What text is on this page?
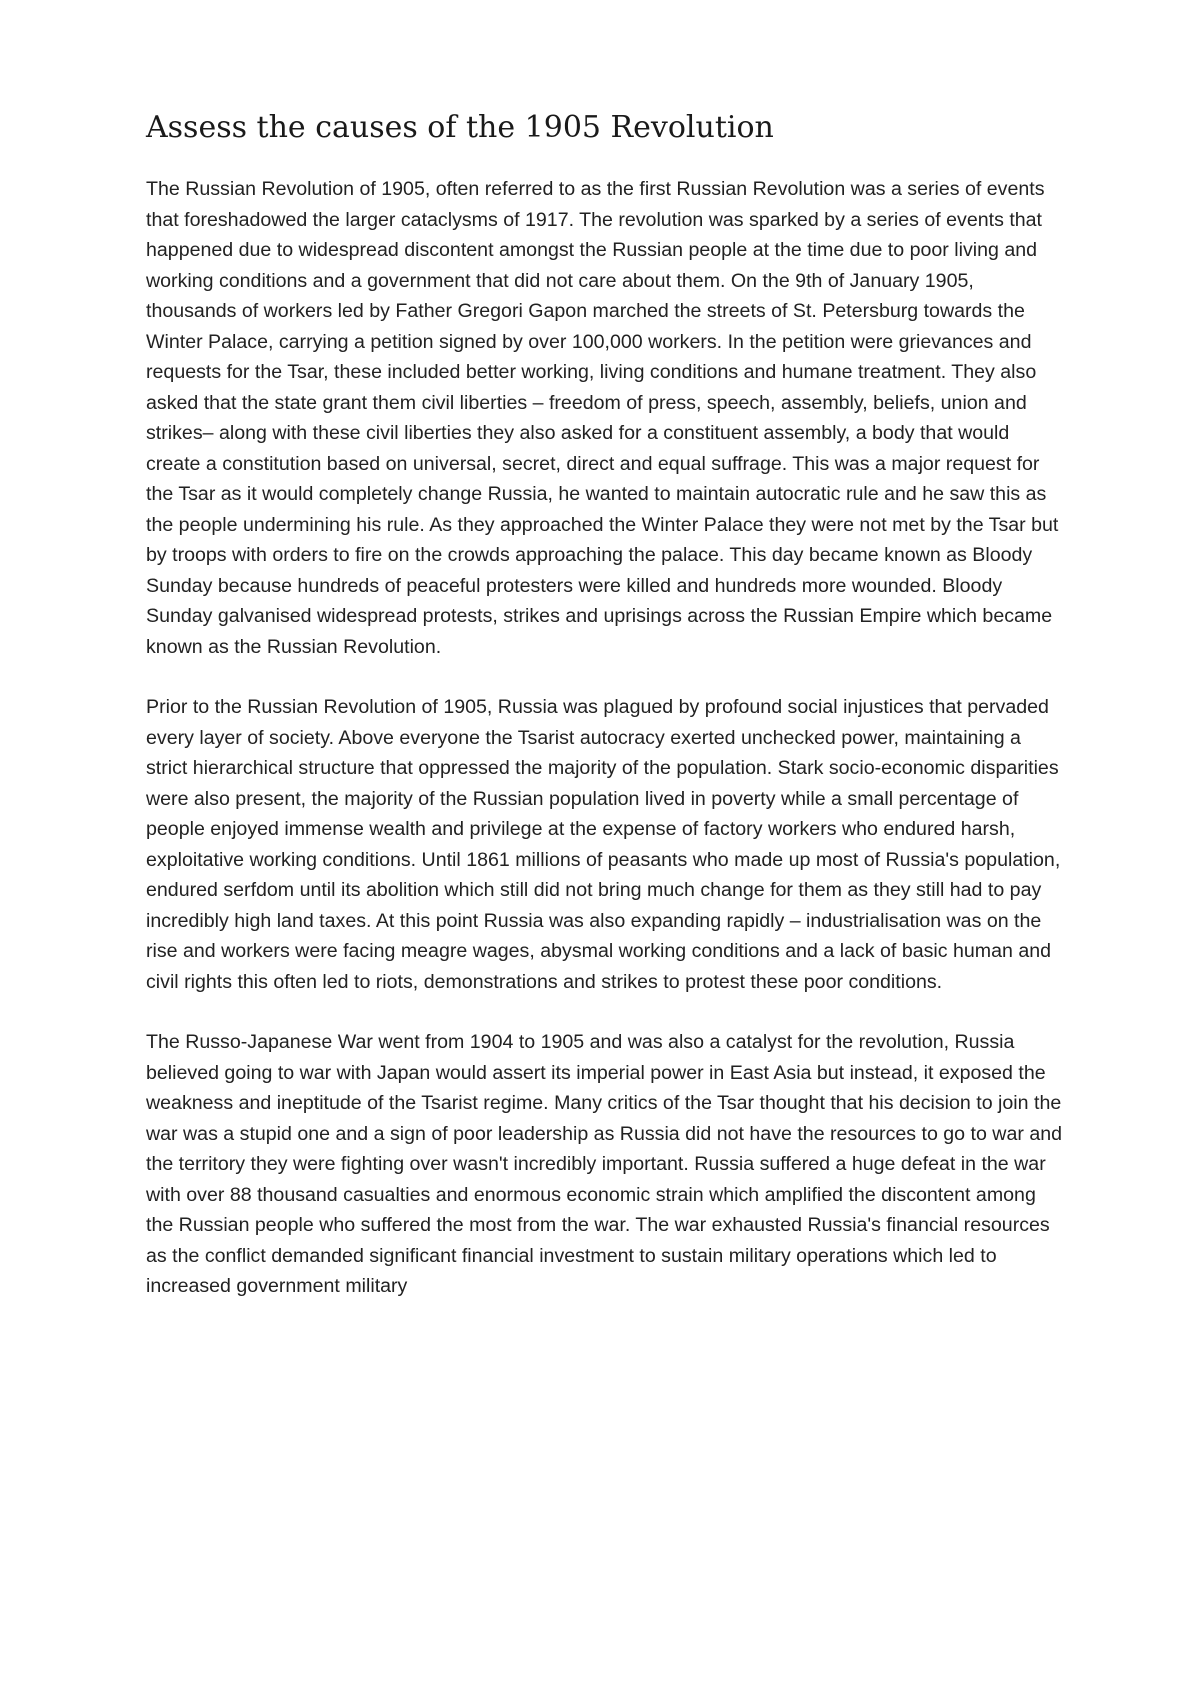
Assess the causes of the 1905 Revolution

The Russian Revolution of 1905, often referred to as the first Russian Revolution was a series of events that foreshadowed the larger cataclysms of 1917. The revolution was sparked by a series of events that happened due to widespread discontent amongst the Russian people at the time due to poor living and working conditions and a government that did not care about them. On the 9th of January 1905, thousands of workers led by Father Gregori Gapon marched the streets of St. Petersburg towards the Winter Palace, carrying a petition signed by over 100,000 workers. In the petition were grievances and requests for the Tsar, these included better working, living conditions and humane treatment. They also asked that the state grant them civil liberties – freedom of press, speech, assembly, beliefs, union and strikes– along with these civil liberties they also asked for a constituent assembly, a body that would create a constitution based on universal, secret, direct and equal suffrage. This was a major request for the Tsar as it would completely change Russia, he wanted to maintain autocratic rule and he saw this as the people undermining his rule. As they approached the Winter Palace they were not met by the Tsar but by troops with orders to fire on the crowds approaching the palace. This day became known as Bloody Sunday because hundreds of peaceful protesters were killed and hundreds more wounded. Bloody Sunday galvanised widespread protests, strikes and uprisings across the Russian Empire which became known as the Russian Revolution.

Prior to the Russian Revolution of 1905, Russia was plagued by profound social injustices that pervaded every layer of society. Above everyone the Tsarist autocracy exerted unchecked power, maintaining a strict hierarchical structure that oppressed the majority of the population. Stark socio-economic disparities were also present, the majority of the Russian population lived in poverty while a small percentage of people enjoyed immense wealth and privilege at the expense of factory workers who endured harsh, exploitative working conditions. Until 1861 millions of peasants who made up most of Russia's population, endured serfdom until its abolition which still did not bring much change for them as they still had to pay incredibly high land taxes. At this point Russia was also expanding rapidly – industrialisation was on the rise and workers were facing meagre wages, abysmal working conditions and a lack of basic human and civil rights this often led to riots, demonstrations and strikes to protest these poor conditions.

The Russo-Japanese War went from 1904 to 1905 and was also a catalyst for the revolution, Russia believed going to war with Japan would assert its imperial power in East Asia but instead, it exposed the weakness and ineptitude of the Tsarist regime. Many critics of the Tsar thought that his decision to join the war was a stupid one and a sign of poor leadership as Russia did not have the resources to go to war and the territory they were fighting over wasn't incredibly important. Russia suffered a huge defeat in the war with over 88 thousand casualties and enormous economic strain which amplified the discontent among the Russian people who suffered the most from the war. The war exhausted Russia's financial resources as the conflict demanded significant financial investment to sustain military operations which led to increased government military
